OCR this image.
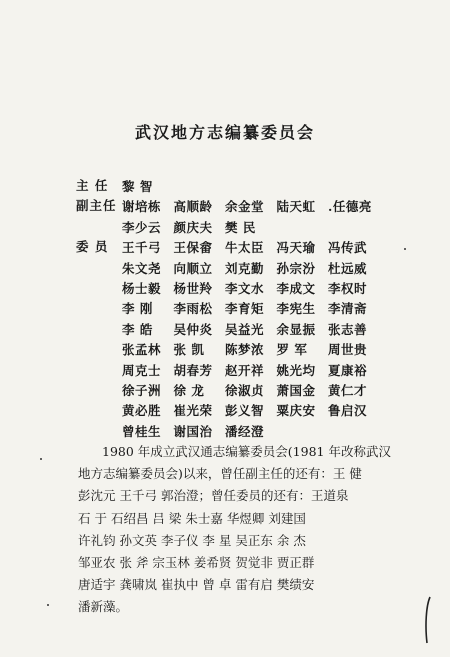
武汉地方志编纂委员会
主 任	黎 智
副主任 谢培栋 高顺龄 余金堂 陆天虹 .任德亮
李少云 颜庆夫 樊 民
委 员	王千弓 王保畲 牛太臣 冯天瑜 冯传武
朱文尧 向顺立 刘克勤 孙宗汾 杜远威
杨士毅 杨世羚 李文水 李成文 李权时
李 刚 李雨松 李育矩 李宪生 李清斋
李 皓 吴仲炎 吴益光 余显振 张志善
张孟林 张 凯 陈梦浓 罗 军 周世贵
周克士 胡春芳 赵开祥 姚光均 夏康裕
徐子洲 徐 龙 徐淑贞 萧国金 黄仁才
黄必胜 崔光荣 彭义智 粟庆安 鲁启汉
曾桂生 谢国治 潘经澄
1980 年成立武汉通志编纂委员会(1981 年改称武汉
地方志编纂委员会)以来，曾任副主任的还有：王 健
彭沈元 王千弓 郭治澄；曾任委员的还有：王道泉
石 于 石绍昌 吕 梁 朱士嘉 华煜卿 刘建国
许礼钧 孙文英 李子仪 李 星 吴正东 余 杰
邹亚农 张 斧 宗玉林 姜希贤 贺觉非 贾正群
唐适宇 龚啸岚 崔执中 曾 卓 雷有启 樊绩安
潘新藻。
